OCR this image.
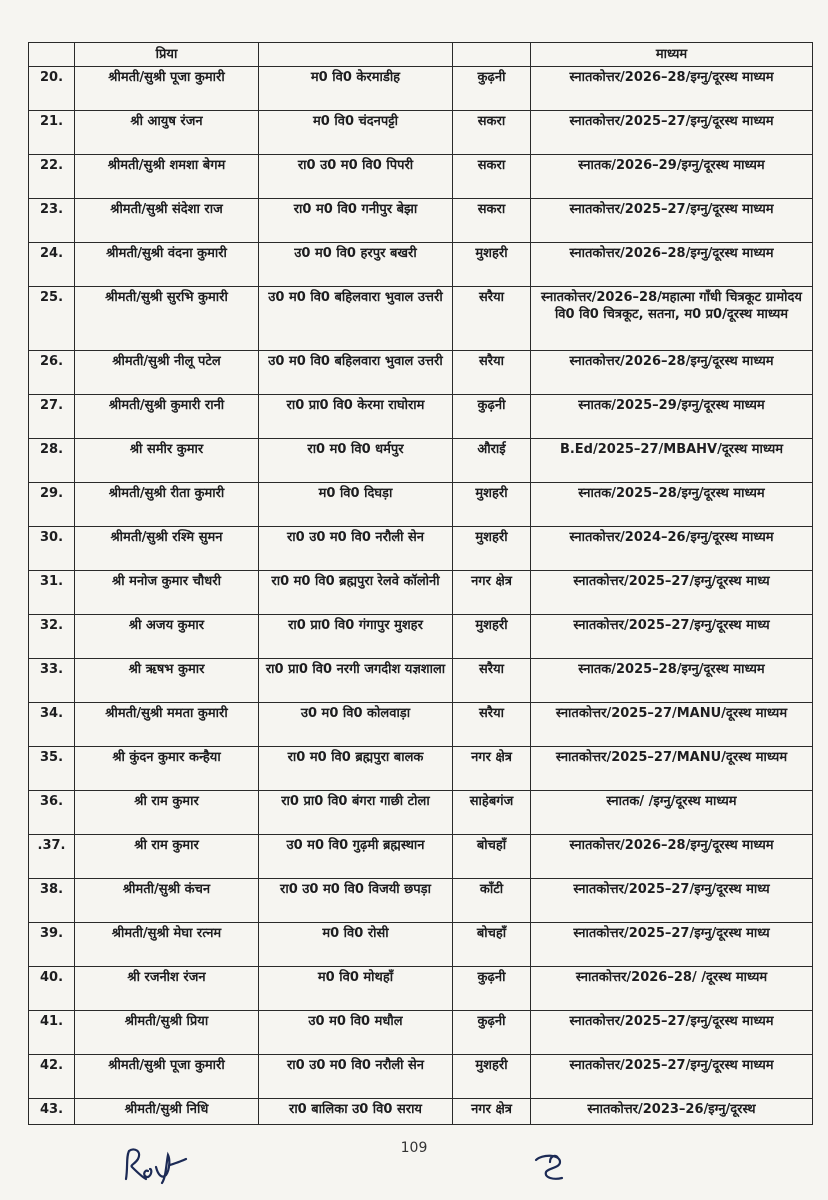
	प्रिया			माध्यम
20.	श्रीमती/सुश्री पूजा कुमारी	म0 वि0 केरमाडीह	कुढ़नी	स्नातकोत्तर/2026–28/इग्नु/दूरस्थ माध्यम
21.	श्री आयुष रंजन	म0 वि0 चंदनपट्टी	सकरा	स्नातकोत्तर/2025–27/इग्नु/दूरस्थ माध्यम
22.	श्रीमती/सुश्री शमशा बेगम	रा0 उ0 म0 वि0 पिपरी	सकरा	स्नातक/2026–29/इग्नु/दूरस्थ माध्यम
23.	श्रीमती/सुश्री संदेशा राज	रा0 म0 वि0 गनीपुर बेझा	सकरा	स्नातकोत्तर/2025–27/इग्नु/दूरस्थ माध्यम
24.	श्रीमती/सुश्री वंदना कुमारी	उ0 म0 वि0 हरपुर बखरी	मुशहरी	स्नातकोत्तर/2026–28/इग्नु/दूरस्थ माध्यम
25.	श्रीमती/सुश्री सुरभि कुमारी	उ0 म0 वि0 बहिलवारा भुवाल उत्तरी	सरैया	स्नातकोत्तर/2026–28/महात्मा गाँधी चित्रकूट ग्रामोदय वि0 वि0 चित्रकूट, सतना, म0 प्र0/दूरस्थ माध्यम
26.	श्रीमती/सुश्री नीलू पटेल	उ0 म0 वि0 बहिलवारा भुवाल उत्तरी	सरैया	स्नातकोत्तर/2026–28/इग्नु/दूरस्थ माध्यम
27.	श्रीमती/सुश्री कुमारी रानी	रा0 प्रा0 वि0 केरमा राघोराम	कुढ़नी	स्नातक/2025–29/इग्नु/दूरस्थ माध्यम
28.	श्री समीर कुमार	रा0 म0 वि0 धर्मपुर	औराई	B.Ed/2025–27/MBAHV/दूरस्थ माध्यम
29.	श्रीमती/सुश्री रीता कुमारी	म0 वि0 दिघड़ा	मुशहरी	स्नातक/2025–28/इग्नु/दूरस्थ माध्यम
30.	श्रीमती/सुश्री रश्मि सुमन	रा0 उ0 म0 वि0 नरौली सेन	मुशहरी	स्नातकोत्तर/2024–26/इग्नु/दूरस्थ माध्यम
31.	श्री मनोज कुमार चौधरी	रा0 म0 वि0 ब्रह्मपुरा रेलवे कॉलोनी	नगर क्षेत्र	स्नातकोत्तर/2025–27/इग्नु/दूरस्थ माध्य
32.	श्री अजय कुमार	रा0 प्रा0 वि0 गंगापुर मुशहर	मुशहरी	स्नातकोत्तर/2025–27/इग्नु/दूरस्थ माध्य
33.	श्री ऋषभ कुमार	रा0 प्रा0 वि0 नरगी जगदीश यज्ञशाला	सरैया	स्नातक/2025–28/इग्नु/दूरस्थ माध्यम
34.	श्रीमती/सुश्री ममता कुमारी	उ0 म0 वि0 कोलवाड़ा	सरैया	स्नातकोत्तर/2025–27/MANU/दूरस्थ माध्यम
35.	श्री कुंदन कुमार कन्हैया	रा0 म0 वि0 ब्रह्मपुरा बालक	नगर क्षेत्र	स्नातकोत्तर/2025–27/MANU/दूरस्थ माध्यम
36.	श्री राम कुमार	रा0 प्रा0 वि0 बंगरा गाछी टोला	साहेबगंज	स्नातक/ /इग्नु/दूरस्थ माध्यम
.37.	श्री राम कुमार	उ0 म0 वि0 गुढ़मी ब्रह्मस्थान	बोचहाँ	स्नातकोत्तर/2026–28/इग्नु/दूरस्थ माध्यम
38.	श्रीमती/सुश्री कंचन	रा0 उ0 म0 वि0 विजयी छपड़ा	काँटी	स्नातकोत्तर/2025–27/इग्नु/दूरस्थ माध्य
39.	श्रीमती/सुश्री मेघा रत्नम	म0 वि0 रोसी	बोचहाँ	स्नातकोत्तर/2025–27/इग्नु/दूरस्थ माध्य
40.	श्री रजनीश रंजन	म0 वि0 मोथहाँ	कुढ़नी	स्नातकोत्तर/2026–28/ /दूरस्थ माध्यम
41.	श्रीमती/सुश्री प्रिया	उ0 म0 वि0 मधौल	कुढ़नी	स्नातकोत्तर/2025–27/इग्नु/दूरस्थ माध्यम
42.	श्रीमती/सुश्री पूजा कुमारी	रा0 उ0 म0 वि0 नरौली सेन	मुशहरी	स्नातकोत्तर/2025–27/इग्नु/दूरस्थ माध्यम
43.	श्रीमती/सुश्री निधि	रा0 बालिका उ0 वि0 सराय	नगर क्षेत्र	स्नातकोत्तर/2023–26/इग्नु/दूरस्थ
109
